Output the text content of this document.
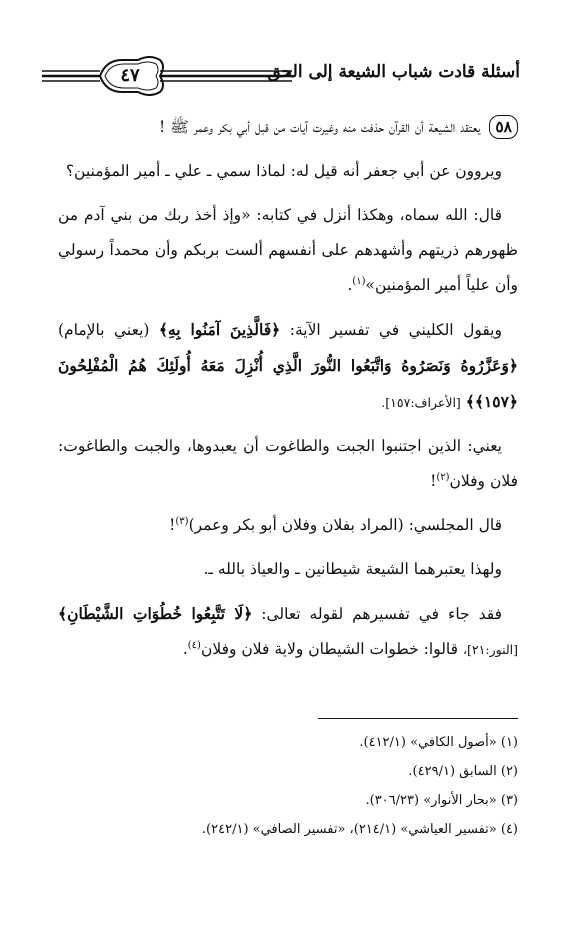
٤٧	أسئلة قادت شباب الشيعة إلى الحق

٥٨ يعتقد الشيعة أن القرآن حذفت منه وغيرت آيات من قبل أبي بكر وعمر ﷺ !

ويروون عن أبي جعفر أنه قيل له: لماذا سمي ـ علي ـ أمير المؤمنين؟

قال: الله سماه، وهكذا أنزل في كتابه: «وإذ أخذ ربك من بني آدم من ظهورهم ذريتهم وأشهدهم على أنفسهم ألست بربكم وأن محمداً رسولي وأن علياً أمير المؤمنين»$^{(١)}$.

ويقول الكليني في تفسير الآية: ﴿فَالَّذِينَ آمَنُوا بِهِ﴾ (يعني بالإمام) ﴿وَعَزَّرُوهُ وَنَصَرُوهُ وَاتَّبَعُوا النُّورَ الَّذِي أُنْزِلَ مَعَهُ أُولَئِكَ هُمُ الْمُفْلِحُونَ ﴿١٥٧﴾﴾ [الأعراف:١٥٧].

يعني: الذين اجتنبوا الجبت والطاغوت أن يعبدوها، والجبت والطاغوت: فلان وفلان$^{(٢)}$!

قال المجلسي: (المراد بفلان وفلان أبو بكر وعمر)$^{(٣)}$!

ولهذا يعتبرهما الشيعة شيطانين ـ والعياذ بالله ـ.

فقد جاء في تفسيرهم لقوله تعالى: ﴿لَا تَتَّبِعُوا خُطُوَاتِ الشَّيْطَانِ﴾ [النور:٢١]، قالوا: خطوات الشيطان ولاية فلان وفلان$^{(٤)}$.

(١) «أصول الكافي» (٤١٢/١).
(٢) السابق (٤٢٩/١).
(٣) «بحار الأنوار» (٣٠٦/٢٣).
(٤) «تفسير العياشي» (٢١٤/١)، «تفسير الصافي» (٢٤٢/١).
